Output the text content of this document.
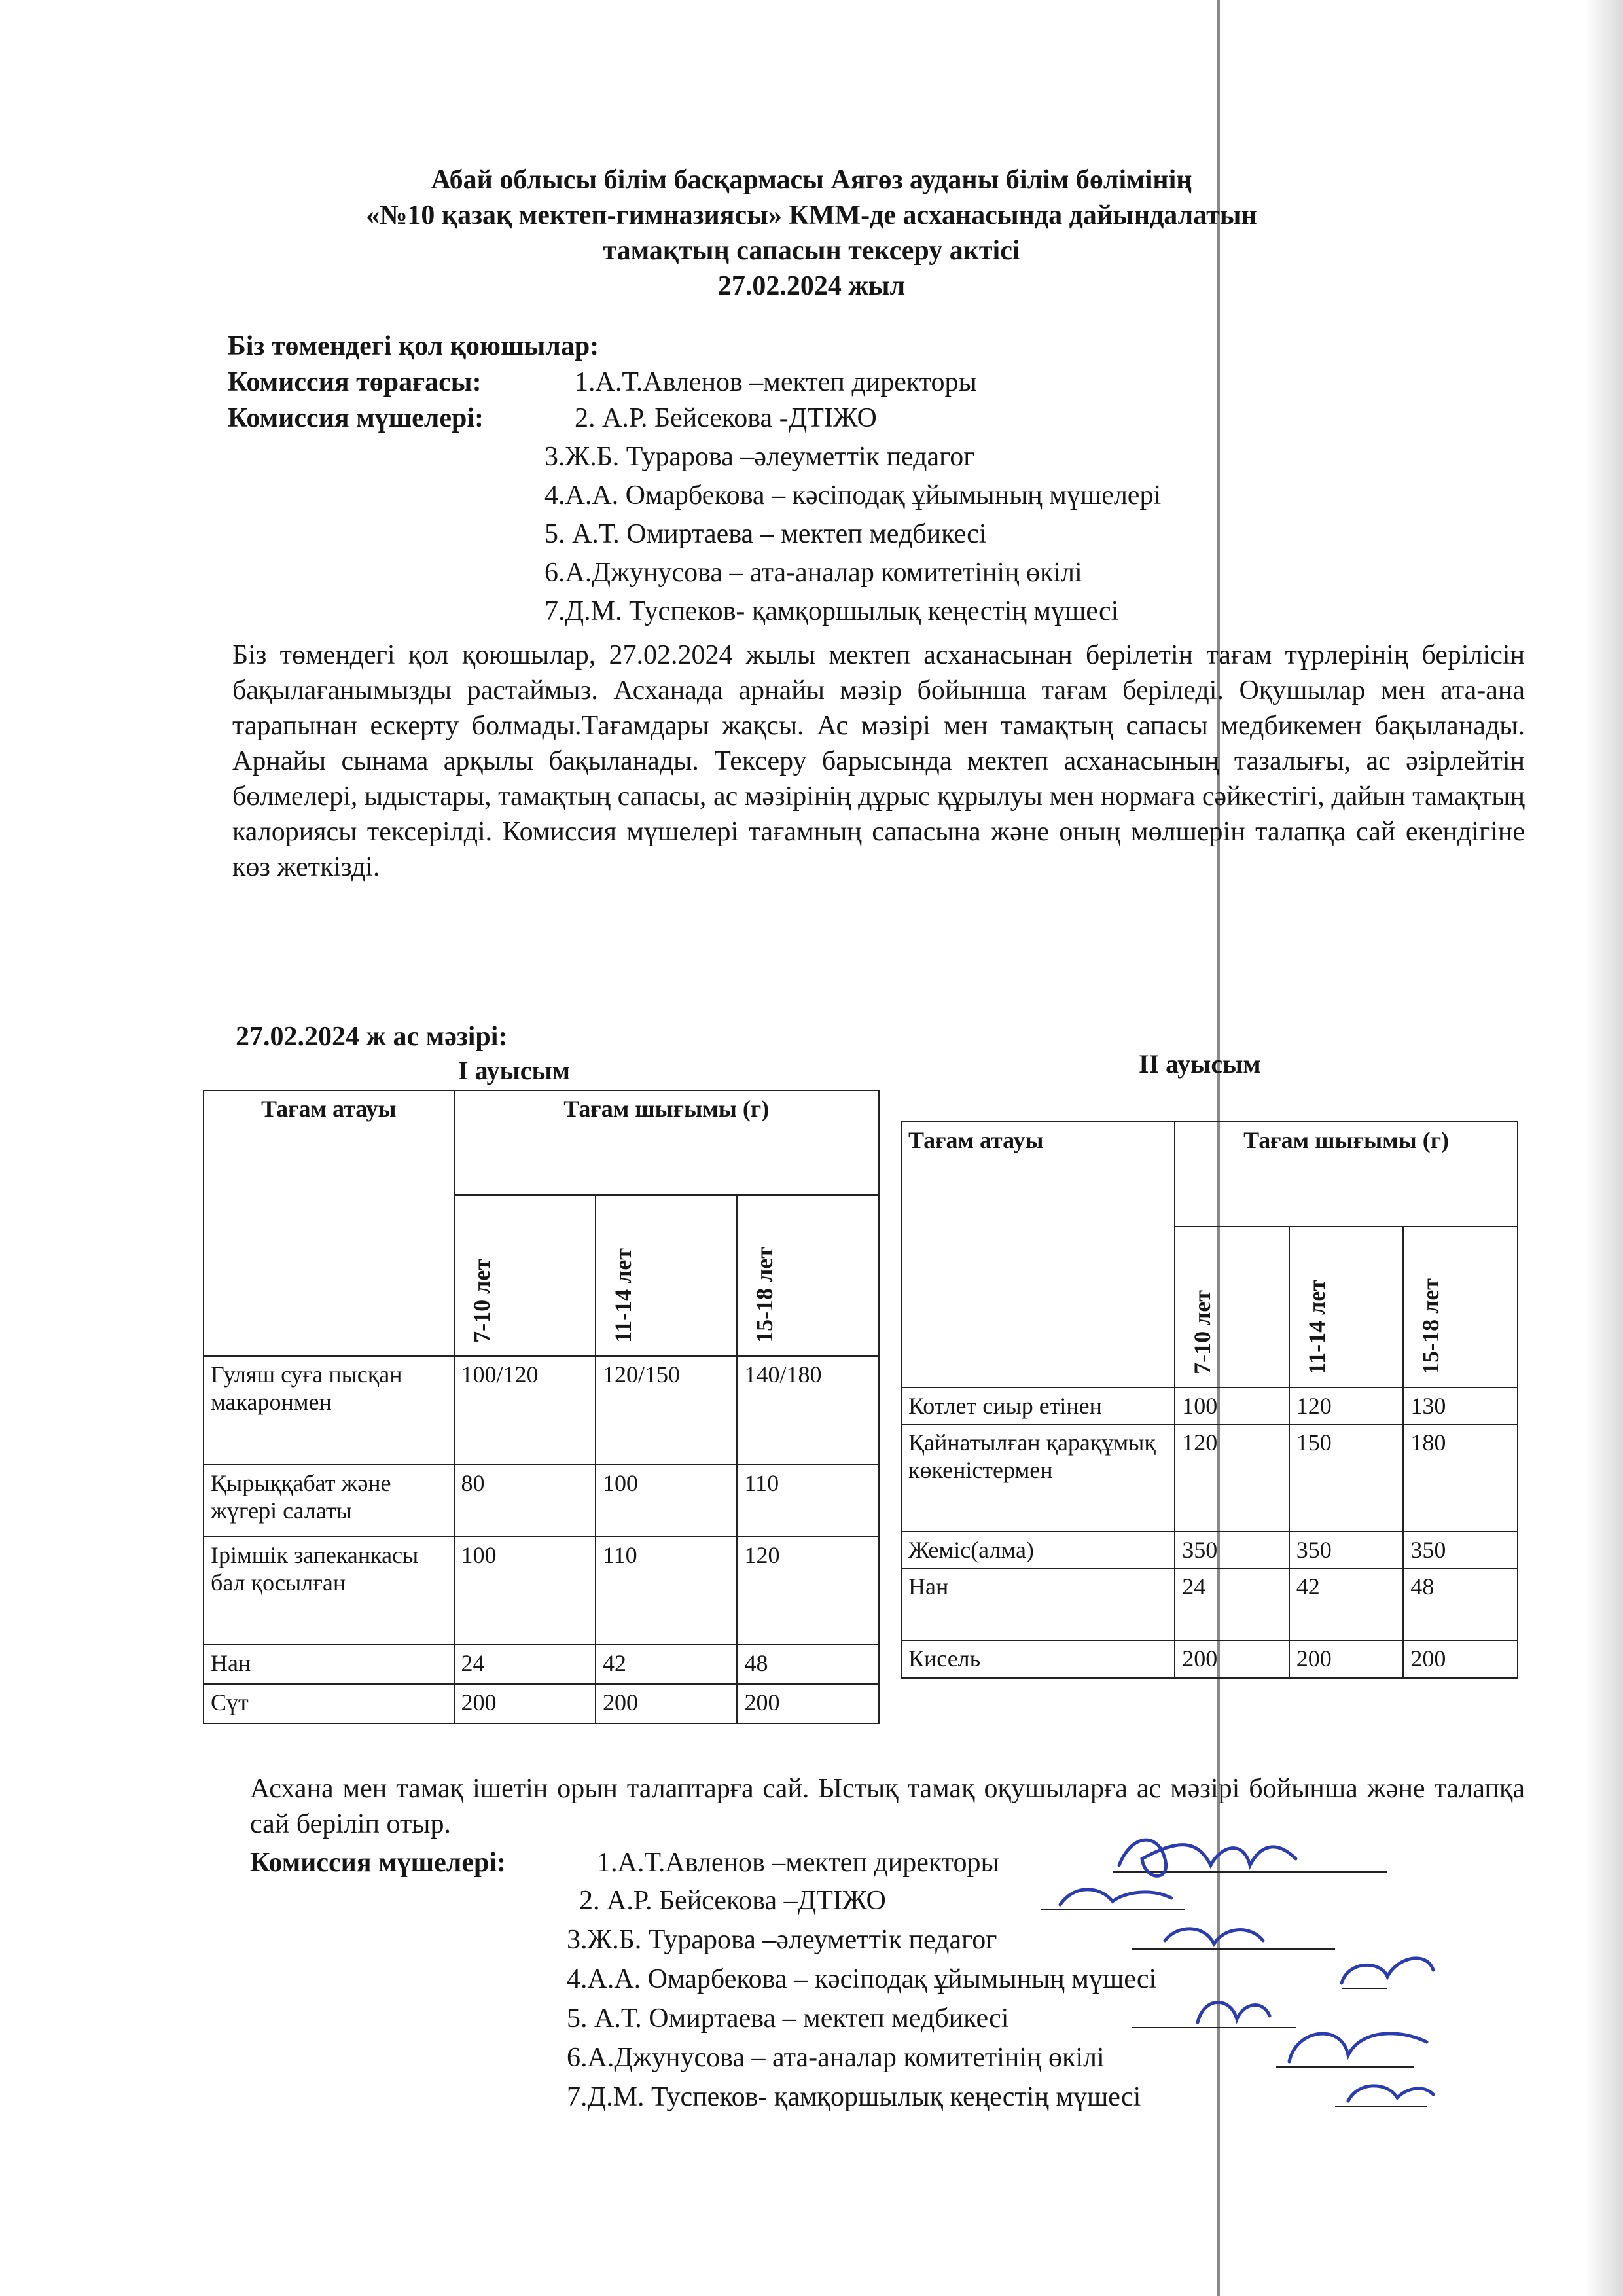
Абай облысы білім басқармасы Аягөз ауданы білім бөлімінің
«№10 қазақ мектеп-гимназиясы» КММ-де асханасында дайындалатын
тамақтың сапасын тексеру актісі
27.02.2024 жыл
Біз төмендегі қол қоюшылар:
Комиссия төрағасы:	1.А.Т.Авленов –мектеп директоры
Комиссия мүшелері:	2. А.Р. Бейсекова -ДТІЖО
3.Ж.Б. Турарова –әлеуметтік педагог
4.А.А. Омарбекова – кәсіподақ ұйымының мүшелері
5. А.Т. Омиртаева – мектеп медбикесі
6.А.Джунусова – ата-аналар комитетінің өкілі
7.Д.М. Туспеков- қамқоршылық кеңестің мүшесі
Біз төмендегі қол қоюшылар, 27.02.2024 жылы мектеп асханасынан берілетін тағам түрлерінің берілісін бақылағанымызды растаймыз. Асханада арнайы мәзір бойынша тағам беріледі. Оқушылар мен ата-ана тарапынан ескерту болмады.Тағамдары жақсы. Ас мәзірі мен тамақтың сапасы медбикемен бақыланады. Арнайы сынама арқылы бақыланады. Тексеру барысында мектеп асханасының тазалығы, ас әзірлейтін бөлмелері, ыдыстары, тамақтың сапасы, ас мәзірінің дұрыс құрылуы мен нормаға сәйкестігі, дайын тамақтың калориясы тексерілді. Комиссия мүшелері тағамның сапасына және оның мөлшерін талапқа сай екендігіне көз жеткізді.
27.02.2024 ж ас мәзірі:
I ауысым	II ауысым
Тағам атауы	Тағам шығымы (г)		
	7-10 лет	11-14 лет	15-18 лет
Гуляш суға пысқан макаронмен	100/120	120/150	140/180
Қырыққабат және жүгері салаты	80	100	110
Ірімшік запеканкасы бал қосылған	100	110	120
Нан	24	42	48
Сүт	200	200	200
Тағам атауы	Тағам шығымы (г)		
	7-10 лет	11-14 лет	15-18 лет
Котлет сиыр етінен	100	120	130
Қайнатылған қарақұмық көкеністермен	120	150	180
Жеміс(алма)	350	350	350
Нан	24	42	48
Кисель	200	200	200
Асхана мен тамақ ішетін орын талаптарға сай. Ыстық тамақ оқушыларға ас мәзірі бойынша және талапқа сай беріліп отыр.
Комиссия мүшелері:	1.А.Т.Авленов –мектеп директоры
2. А.Р. Бейсекова –ДТІЖО
3.Ж.Б. Турарова –әлеуметтік педагог
4.А.А. Омарбекова – кәсіподақ ұйымының мүшесі
5. А.Т. Омиртаева – мектеп медбикесі
6.А.Джунусова – ата-аналар комитетінің өкілі
7.Д.М. Туспеков- қамқоршылық кеңестің мүшесі
